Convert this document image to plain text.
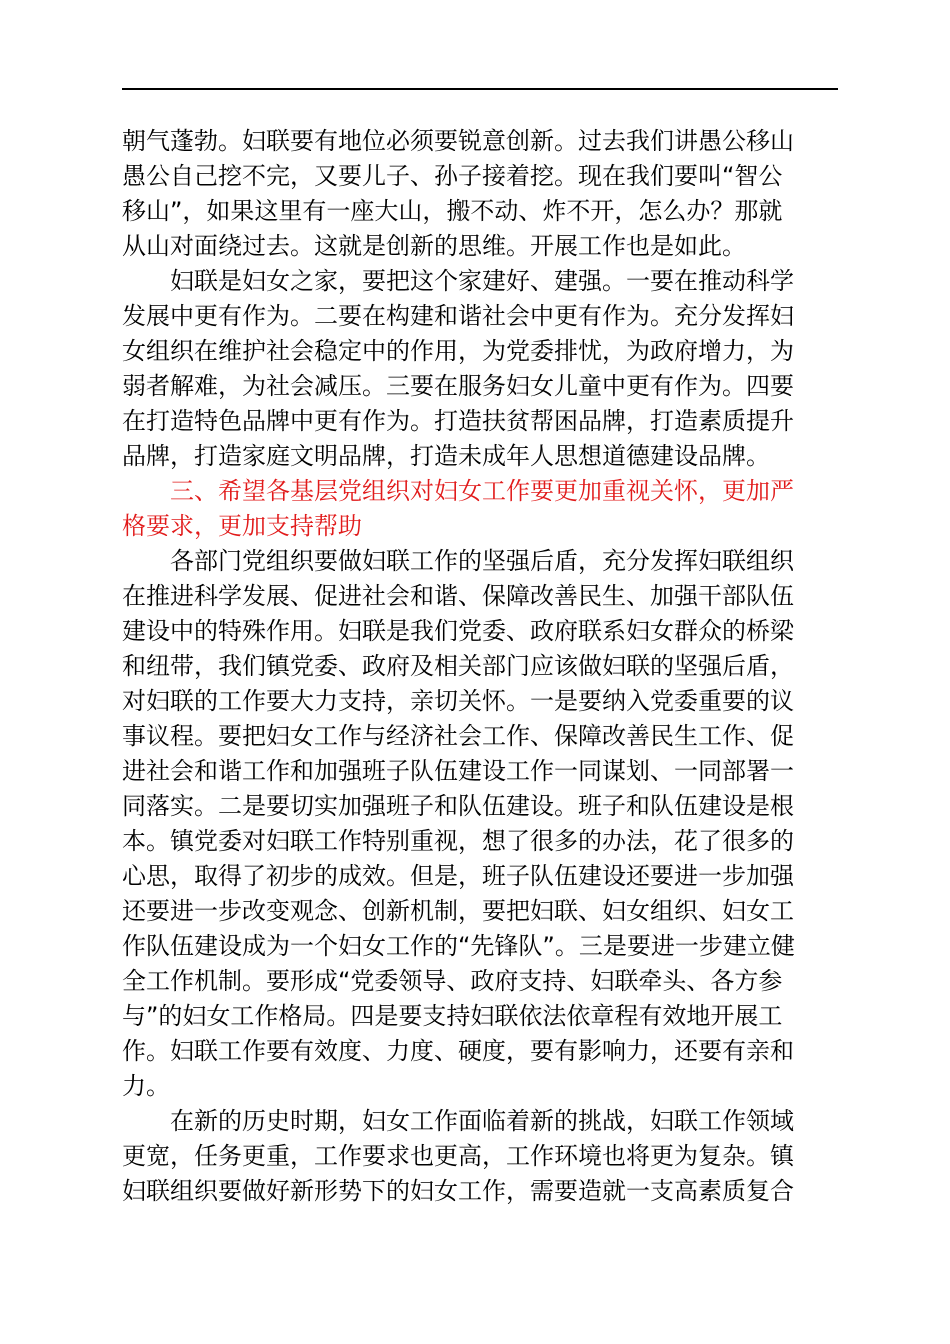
朝气蓬勃。妇联要有地位必须要锐意创新。过去我们讲愚公移山
愚公自己挖不完，又要儿子、孙子接着挖。现在我们要叫“智公
移山”，如果这里有一座大山，搬不动、炸不开，怎么办？那就
从山对面绕过去。这就是创新的思维。开展工作也是如此。
妇联是妇女之家，要把这个家建好、建强。一要在推动科学
发展中更有作为。二要在构建和谐社会中更有作为。充分发挥妇
女组织在维护社会稳定中的作用，为党委排忧，为政府增力，为
弱者解难，为社会减压。三要在服务妇女儿童中更有作为。四要
在打造特色品牌中更有作为。打造扶贫帮困品牌，打造素质提升
品牌，打造家庭文明品牌，打造未成年人思想道德建设品牌。
三、希望各基层党组织对妇女工作要更加重视关怀，更加严
格要求，更加支持帮助
各部门党组织要做妇联工作的坚强后盾，充分发挥妇联组织
在推进科学发展、促进社会和谐、保障改善民生、加强干部队伍
建设中的特殊作用。妇联是我们党委、政府联系妇女群众的桥梁
和纽带，我们镇党委、政府及相关部门应该做妇联的坚强后盾，
对妇联的工作要大力支持，亲切关怀。一是要纳入党委重要的议
事议程。要把妇女工作与经济社会工作、保障改善民生工作、促
进社会和谐工作和加强班子队伍建设工作一同谋划、一同部署一
同落实。二是要切实加强班子和队伍建设。班子和队伍建设是根
本。镇党委对妇联工作特别重视，想了很多的办法，花了很多的
心思，取得了初步的成效。但是，班子队伍建设还要进一步加强
还要进一步改变观念、创新机制，要把妇联、妇女组织、妇女工
作队伍建设成为一个妇女工作的“先锋队”。三是要进一步建立健
全工作机制。要形成“党委领导、政府支持、妇联牵头、各方参
与”的妇女工作格局。四是要支持妇联依法依章程有效地开展工
作。妇联工作要有效度、力度、硬度，要有影响力，还要有亲和
力。
在新的历史时期，妇女工作面临着新的挑战，妇联工作领域
更宽，任务更重，工作要求也更高，工作环境也将更为复杂。镇
妇联组织要做好新形势下的妇女工作，需要造就一支高素质复合
